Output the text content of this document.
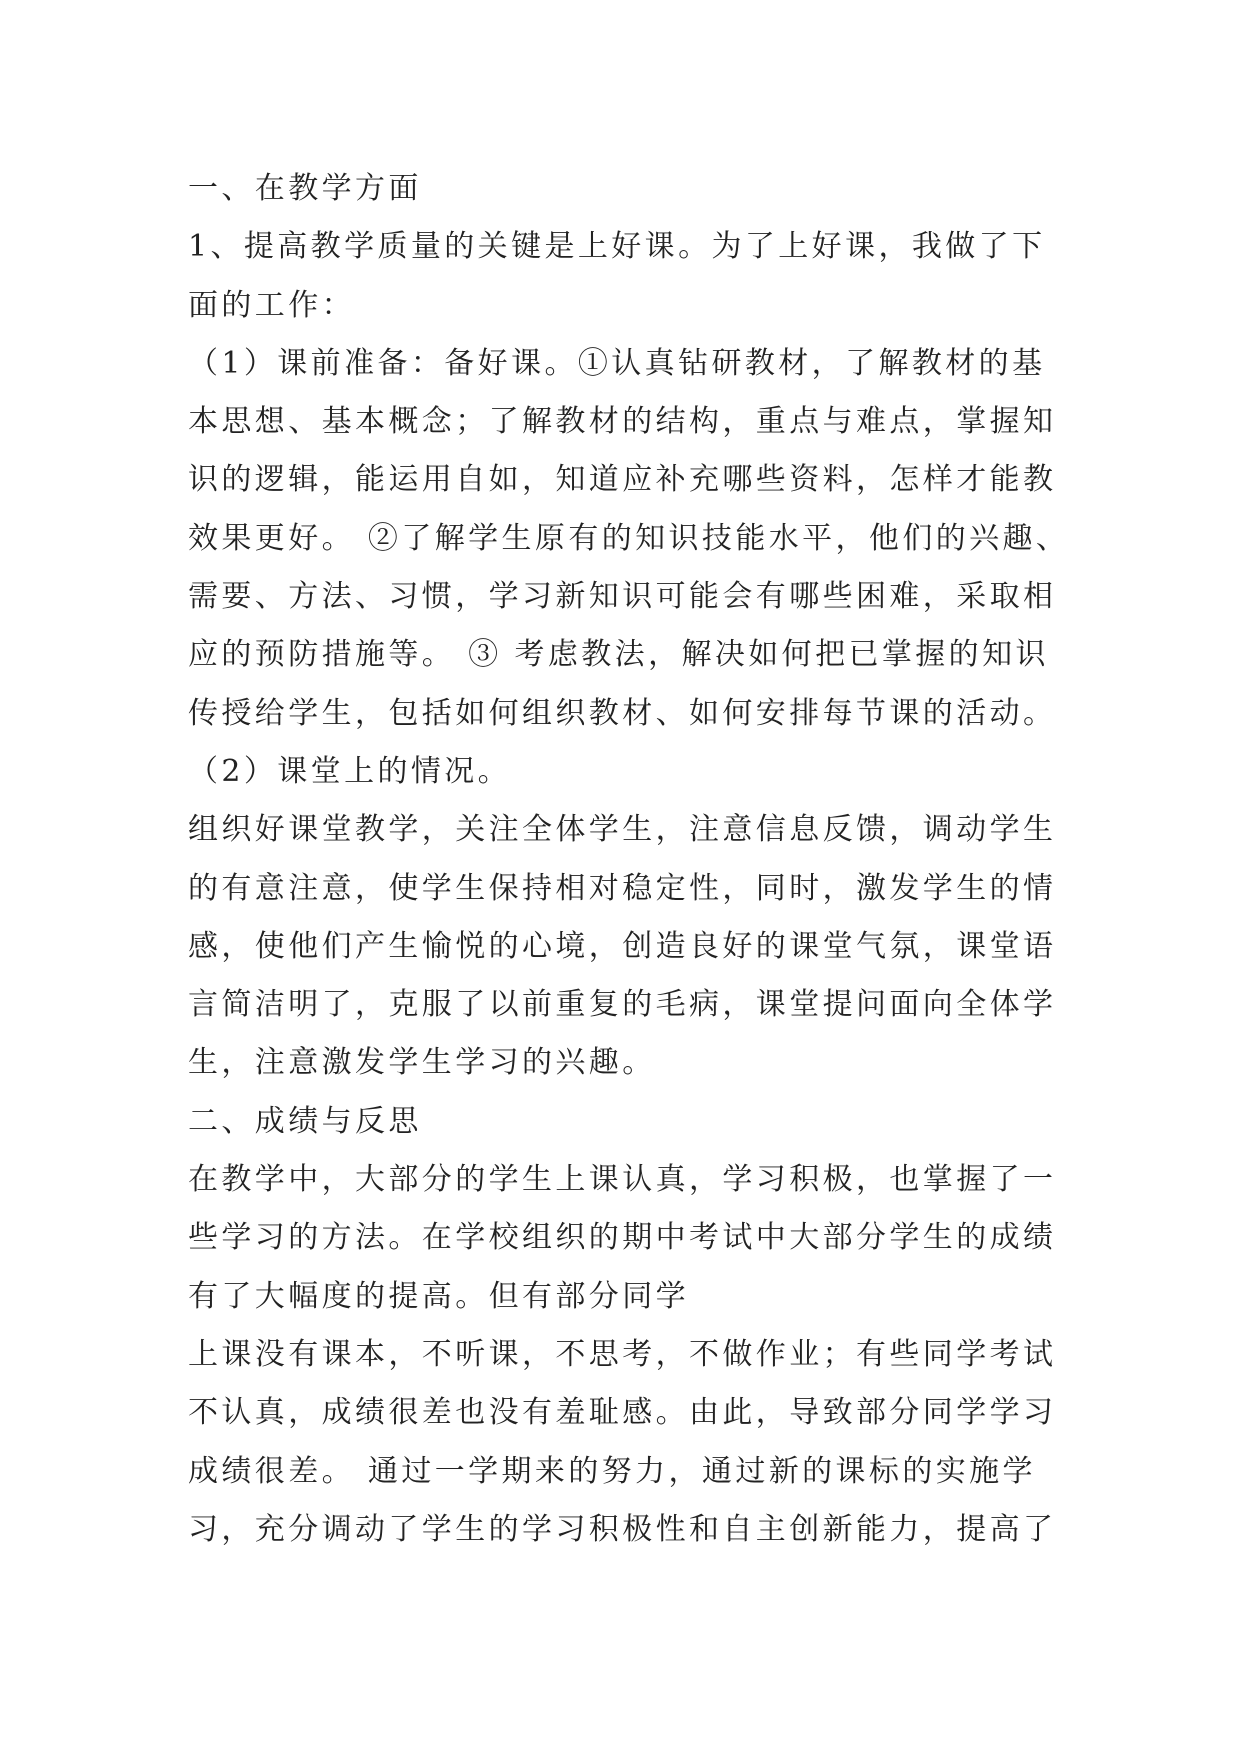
一、在教学方面
1、提高教学质量的关键是上好课。为了上好课，我做了下
面的工作：
（1）课前准备：备好课。①认真钻研教材，了解教材的基
本思想、基本概念；了解教材的结构，重点与难点，掌握知
识的逻辑，能运用自如，知道应补充哪些资料，怎样才能教
效果更好。 ②了解学生原有的知识技能水平，他们的兴趣、
需要、方法、习惯，学习新知识可能会有哪些困难，采取相
应的预防措施等。 ③ 考虑教法，解决如何把已掌握的知识
传授给学生，包括如何组织教材、如何安排每节课的活动。
（2）课堂上的情况。
组织好课堂教学，关注全体学生，注意信息反馈，调动学生
的有意注意，使学生保持相对稳定性，同时，激发学生的情
感，使他们产生愉悦的心境，创造良好的课堂气氛，课堂语
言简洁明了，克服了以前重复的毛病，课堂提问面向全体学
生，注意激发学生学习的兴趣。
二、成绩与反思
在教学中，大部分的学生上课认真，学习积极，也掌握了一
些学习的方法。在学校组织的期中考试中大部分学生的成绩
有了大幅度的提高。但有部分同学
上课没有课本，不听课，不思考，不做作业；有些同学考试
不认真，成绩很差也没有羞耻感。由此，导致部分同学学习
成绩很差。 通过一学期来的努力，通过新的课标的实施学
习，充分调动了学生的学习积极性和自主创新能力，提高了
